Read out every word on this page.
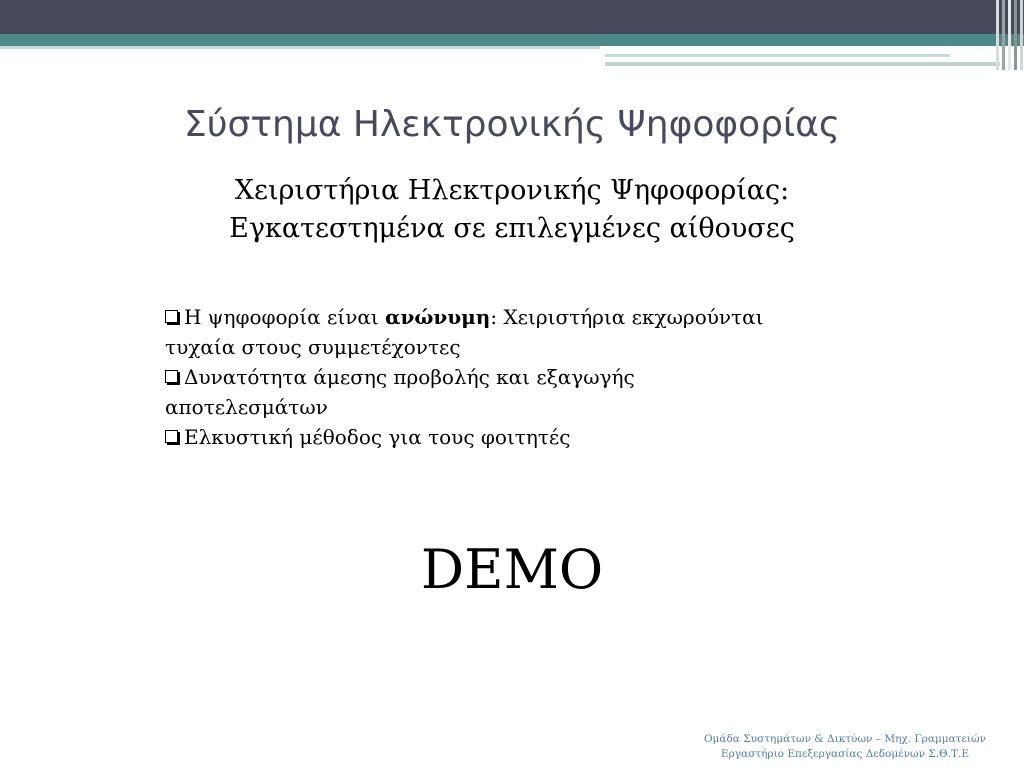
Σύστημα Ηλεκτρονικής Ψηφοφορίας
Χειριστήρια Ηλεκτρονικής Ψηφοφορίας:
Εγκατεστημένα σε επιλεγμένες αίθουσες

Η ψηφοφορία είναι ανώνυμη: Χειριστήρια εκχωρούνται
τυχαία στους συμμετέχοντες

Δυνατότητα άμεσης προβολής και εξαγωγής
αποτελεσμάτων

Ελκυστική μέθοδος για τους φοιτητές

DEMO
Ομάδα Συστημάτων & Δικτύων – Μηχ. Γραμματειών
Εργαστήριο Επεξεργασίας Δεδομένων Σ.Θ.Τ.Ε
